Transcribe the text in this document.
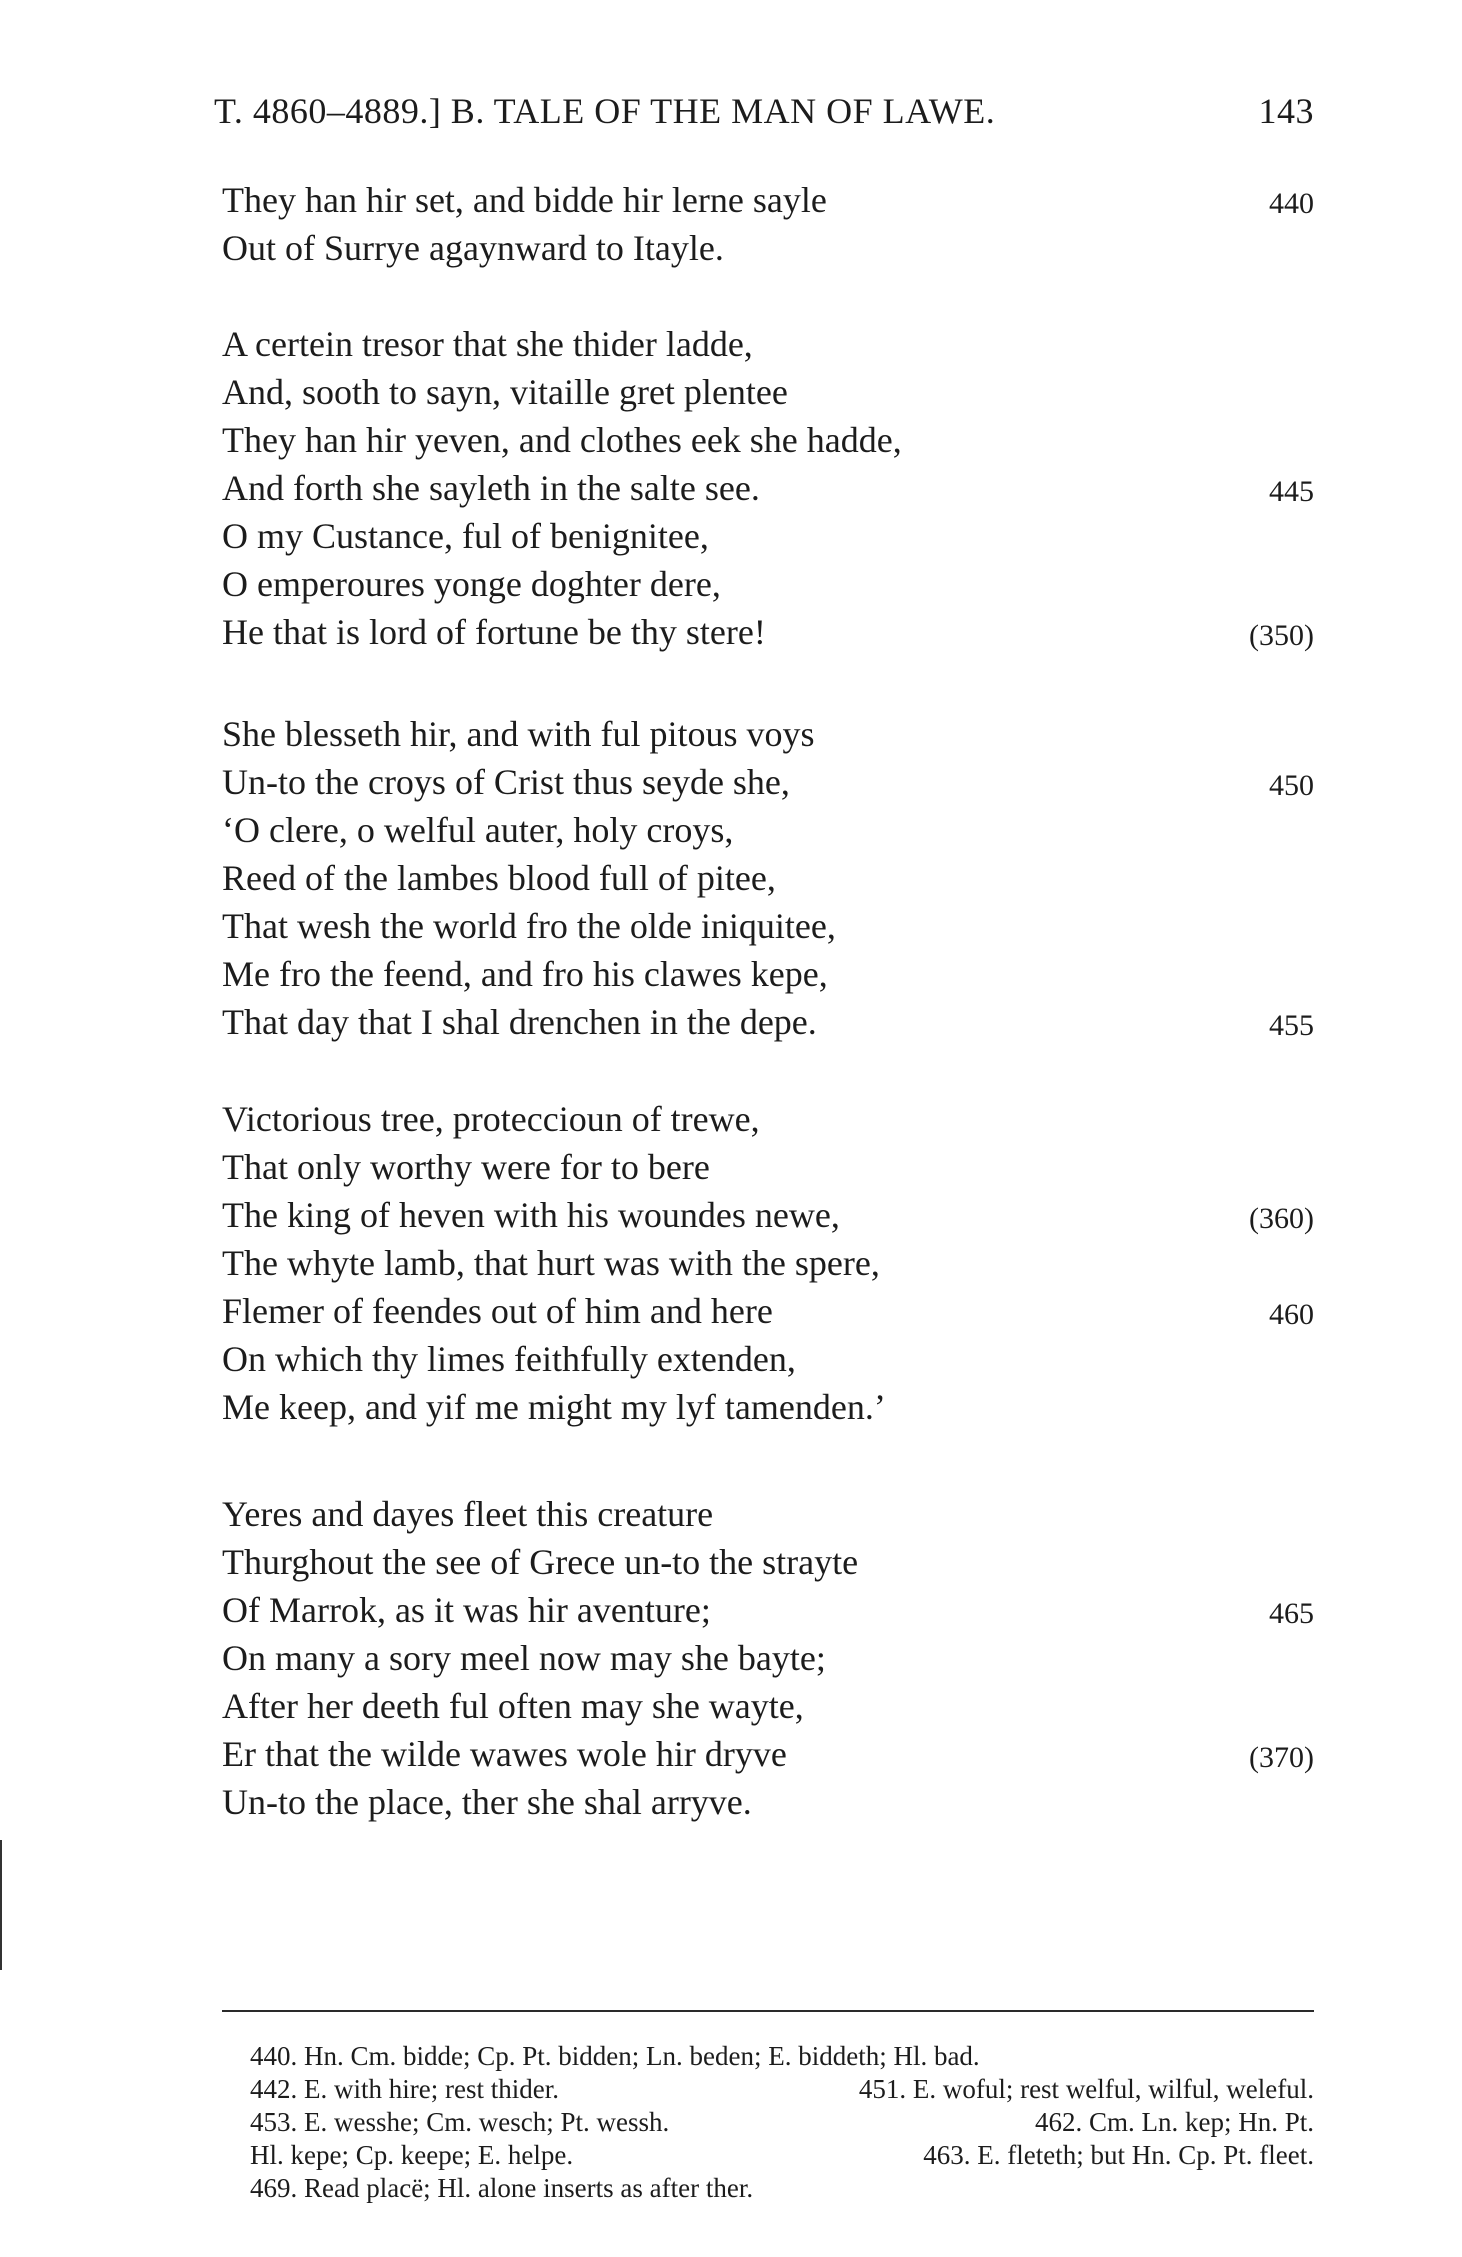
T. 4860–4889.] B. TALE OF THE MAN OF LAWE.	143
They han hir set, and bidde hir lerne sayle	440
Out of Surrye agaynward to Itayle.
A certein tresor that she thider ladde,
And, sooth to sayn, vitaille gret plentee
They han hir yeven, and clothes eek she hadde,
And forth she sayleth in the salte see.	445
O my Custance, ful of benignitee,
O emperoures yonge doghter dere,
He that is lord of fortune be thy stere!	(350)
She blesseth hir, and with ful pitous voys
Un-to the croys of Crist thus seyde she,	450
‘O clere, o welful auter, holy croys,
Reed of the lambes blood full of pitee,
That wesh the world fro the olde iniquitee,
Me fro the feend, and fro his clawes kepe,
That day that I shal drenchen in the depe.	455
Victorious tree, proteccioun of trewe,
That only worthy were for to bere
The king of heven with his woundes newe,	(360)
The whyte lamb, that hurt was with the spere,
Flemer of feendes out of him and here	460
On which thy limes feithfully extenden,
Me keep, and yif me might my lyf tamenden.’
Yeres and dayes fleet this creature
Thurghout the see of Grece un-to the strayte
Of Marrok, as it was hir aventure;	465
On many a sory meel now may she bayte;
After her deeth ful often may she wayte,
Er that the wilde wawes wole hir dryve	(370)
Un-to the place, ther she shal arryve.
440. Hn. Cm. bidde; Cp. Pt. bidden; Ln. beden; E. biddeth; Hl. bad.
442. E. with hire; rest thider.	451. E. woful; rest welful, wilful, weleful.
453. E. wesshe; Cm. wesch; Pt. wessh.	462. Cm. Ln. kep; Hn. Pt.
Hl. kepe; Cp. keepe; E. helpe.	463. E. fleteth; but Hn. Cp. Pt. fleet.
469. Read placë; Hl. alone inserts as after ther.
